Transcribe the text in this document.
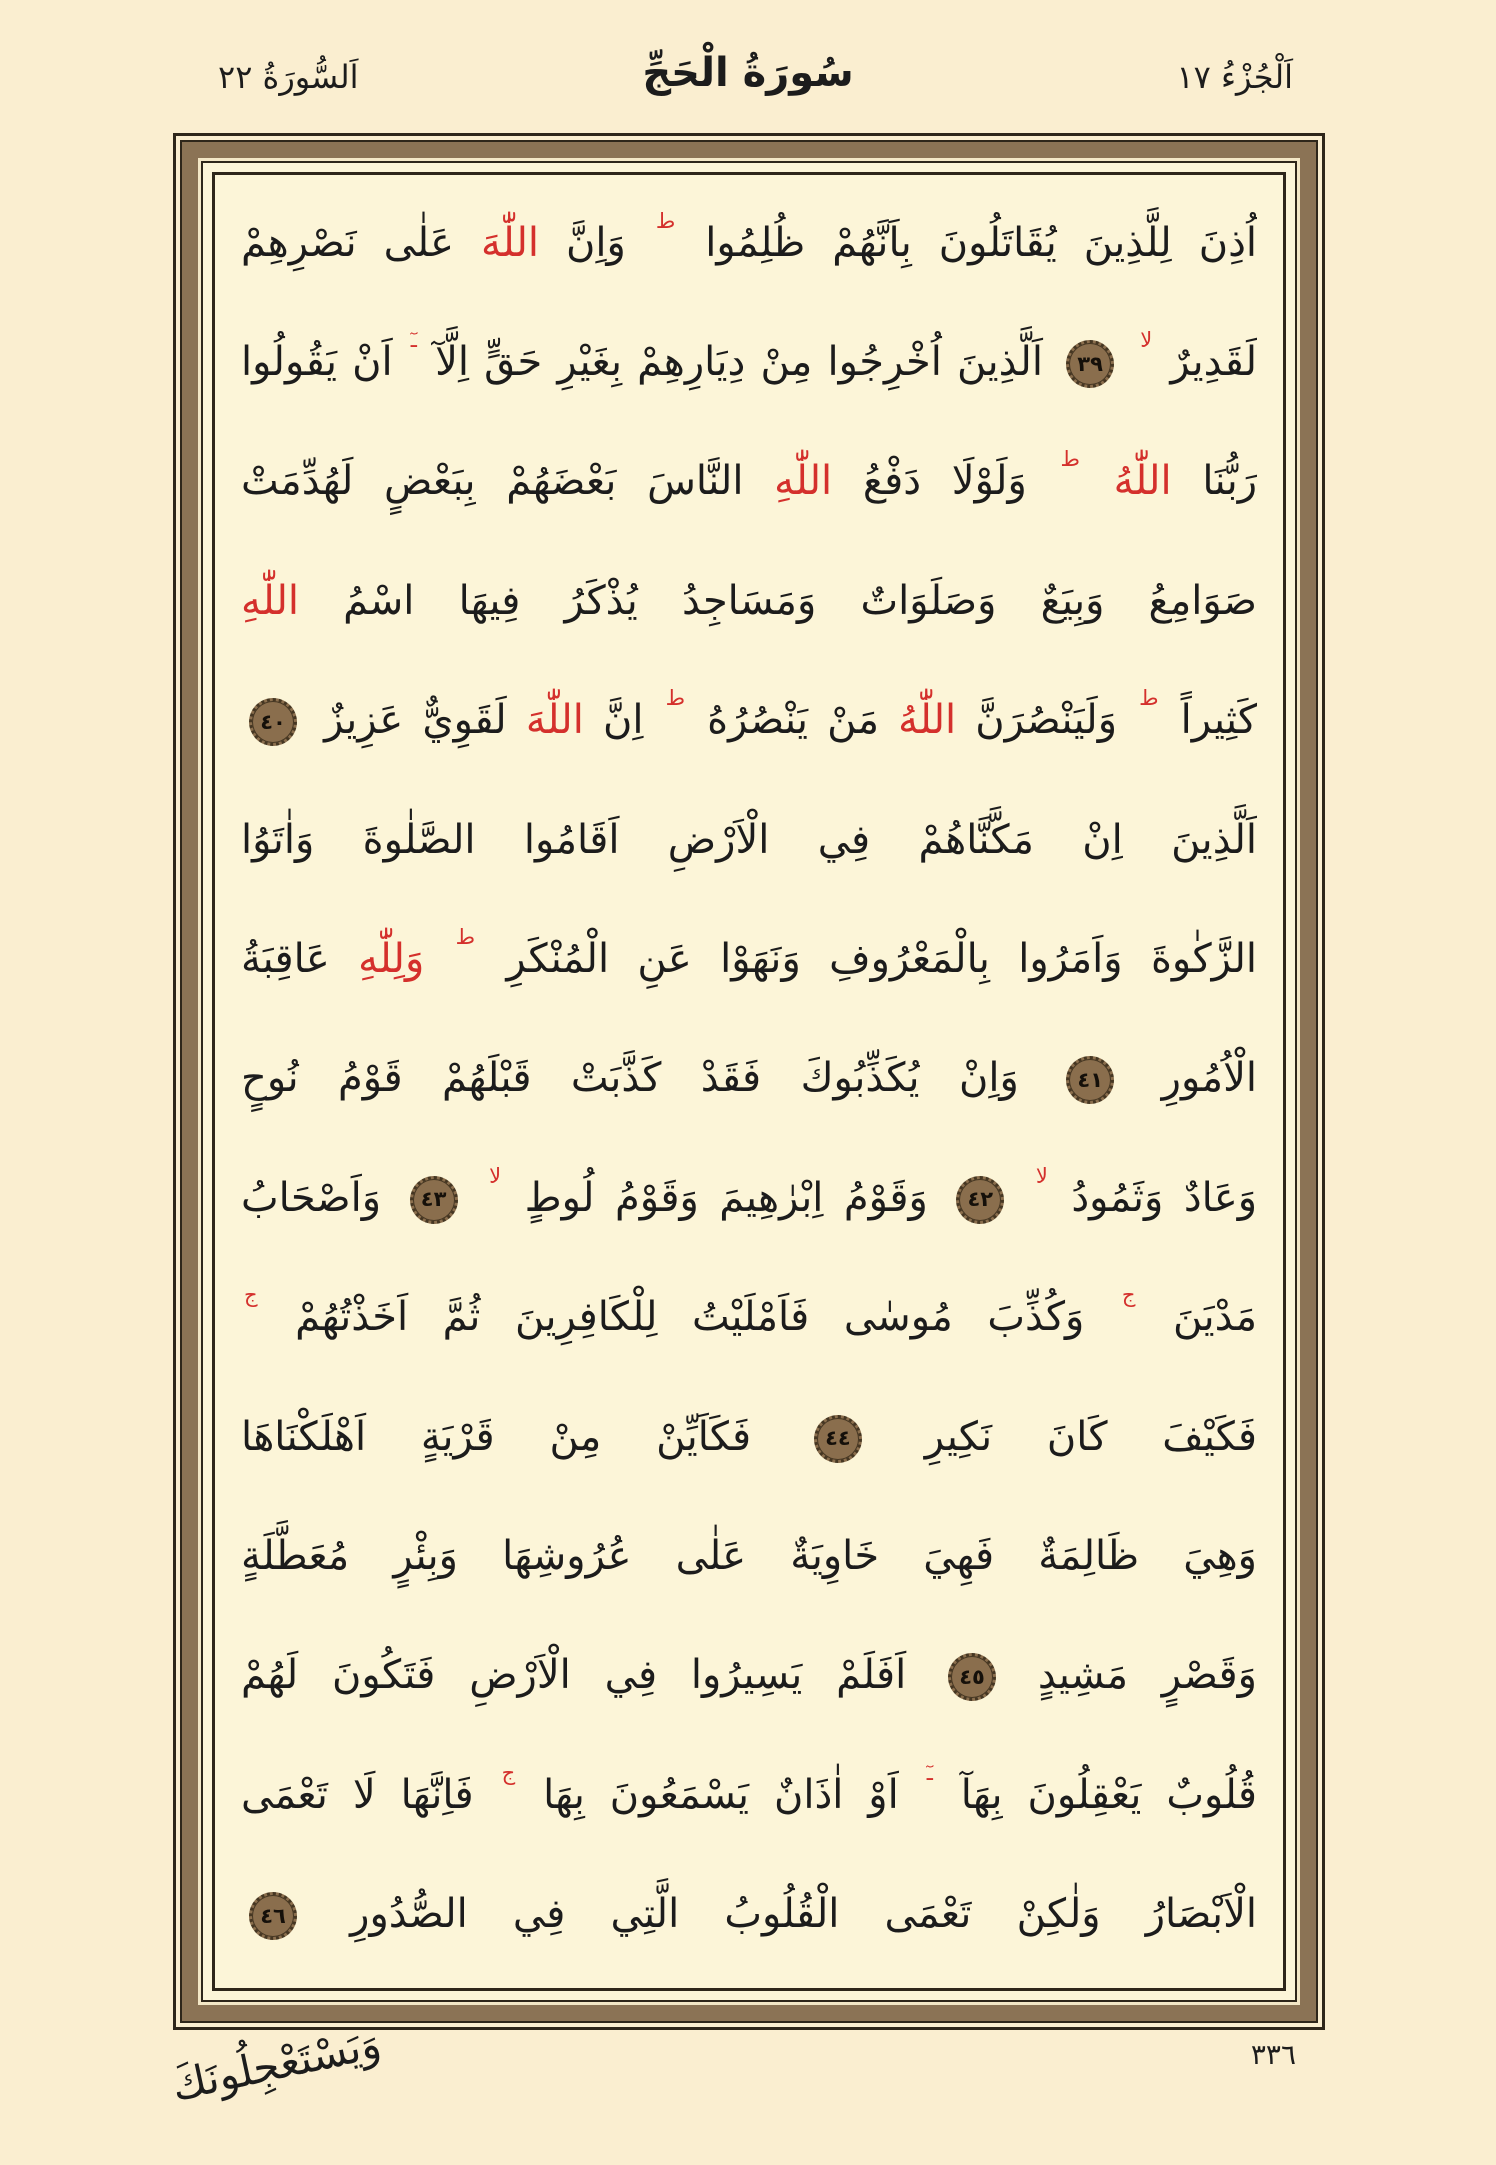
اَلسُّورَةُ ٢٢	سُورَةُ الْحَجِّ	اَلْجُزْءُ ١٧
اُذِنَ لِلَّذِينَ يُقَاتَلُونَ بِاَنَّهُمْ ظُلِمُوا $^ط$ وَاِنَّ اللّٰهَ عَلٰى نَصْرِهِمْ
لَقَدِيرٌ $^{لا}$
٣٩
اَلَّذِينَ اُخْرِجُوا مِنْ دِيَارِهِمْ بِغَيْرِ حَقٍّ اِلَّآ $^{ـٓ}$ اَنْ يَقُولُوا
رَبُّنَا اللّٰهُ $^ط$ وَلَوْلَا دَفْعُ اللّٰهِ النَّاسَ بَعْضَهُمْ بِبَعْضٍ لَهُدِّمَتْ
صَوَامِعُ وَبِيَعٌ وَصَلَوَاتٌ وَمَسَاجِدُ يُذْكَرُ فِيهَا اسْمُ اللّٰهِ
كَثِيراً $^ط$ وَلَيَنْصُرَنَّ اللّٰهُ مَنْ يَنْصُرُهُ $^ط$ اِنَّ اللّٰهَ لَقَوِيٌّ عَزِيزٌ
٤٠
اَلَّذِينَ اِنْ مَكَّنَّاهُمْ فِي الْاَرْضِ اَقَامُوا الصَّلٰوةَ وَاٰتَوُا
الزَّكٰوةَ وَاَمَرُوا بِالْمَعْرُوفِ وَنَهَوْا عَنِ الْمُنْكَرِ $^ط$ وَلِلّٰهِ عَاقِبَةُ
الْاُمُورِ
٤١
وَاِنْ يُكَذِّبُوكَ فَقَدْ كَذَّبَتْ قَبْلَهُمْ قَوْمُ نُوحٍ
وَعَادٌ وَثَمُودُ $^{لا}$
٤٢
وَقَوْمُ اِبْرٰهِيمَ وَقَوْمُ لُوطٍ $^{لا}$
٤٣
وَاَصْحَابُ
مَدْيَنَ $^ج$ وَكُذِّبَ مُوسٰى فَاَمْلَيْتُ لِلْكَافِرِينَ ثُمَّ اَخَذْتُهُمْ $^ج$
فَكَيْفَ كَانَ نَكِيرِ
٤٤
فَكَاَيِّنْ مِنْ قَرْيَةٍ اَهْلَكْنَاهَا
وَهِيَ ظَالِمَةٌ فَهِيَ خَاوِيَةٌ عَلٰى عُرُوشِهَا وَبِئْرٍ مُعَطَّلَةٍ
وَقَصْرٍ مَشِيدٍ
٤٥
اَفَلَمْ يَسِيرُوا فِي الْاَرْضِ فَتَكُونَ لَهُمْ
قُلُوبٌ يَعْقِلُونَ بِهَآ $^{ـٓ}$ اَوْ اٰذَانٌ يَسْمَعُونَ بِهَا $^ج$ فَاِنَّهَا لَا تَعْمَى
الْاَبْصَارُ وَلٰكِنْ تَعْمَى الْقُلُوبُ الَّتِي فِي الصُّدُورِ
٤٦
٣٣٦
وَيَسْتَعْجِلُونَكَ
